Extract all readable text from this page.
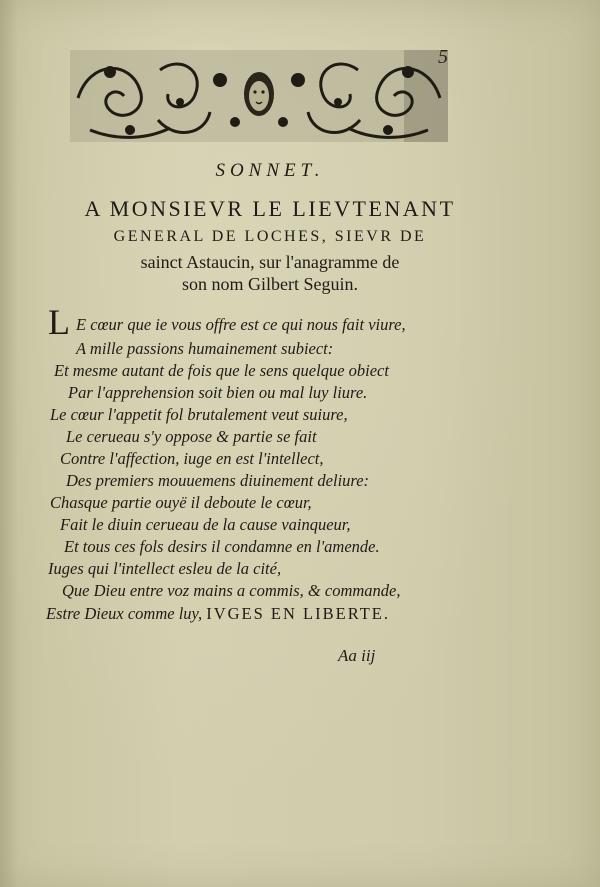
5
SONNET.
A MONSIEVR LE LIEVTENANT
GENERAL DE LOCHES, SIEVR DE
sainct Astaucin, sur l'anagramme de
son nom Gilbert Seguin.
L E cœur que ie vous offre est ce qui nous fait viure,
A mille passions humainement subiect:
Et mesme autant de fois que le sens quelque obiect
Par l'apprehension soit bien ou mal luy liure.
Le cœur l'appetit fol brutalement veut suiure,
Le cerueau s'y oppose & partie se fait
Contre l'affection, iuge en est l'intellect,
Des premiers mouuemens diuinement deliure:
Chasque partie ouyë il deboute le cœur,
Fait le diuin cerueau de la cause vainqueur,
Et tous ces fols desirs il condamne en l'amende.
Iuges qui l'intellect esleu de la cité,
Que Dieu entre voz mains a commis, & commande,
Estre Dieux comme luy, IVGES EN LIBERTE.
Aa iij
